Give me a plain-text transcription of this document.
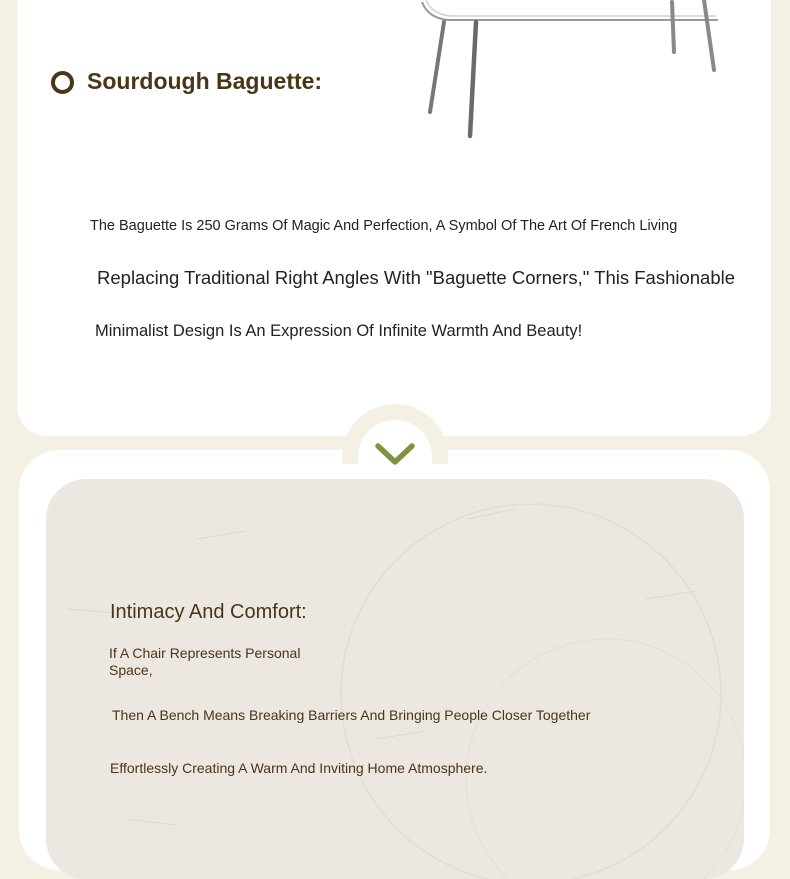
Sourdough Baguette:
The Baguette Is 250 Grams Of Magic And Perfection, A Symbol Of The Art Of French Living
Replacing Traditional Right Angles With "Baguette Corners," This Fashionable
Minimalist Design Is An Expression Of Infinite Warmth And Beauty!
Intimacy And Comfort:
If A Chair Represents Personal Space,
Then A Bench Means Breaking Barriers And Bringing People Closer Together
Effortlessly Creating A Warm And Inviting Home Atmosphere.
